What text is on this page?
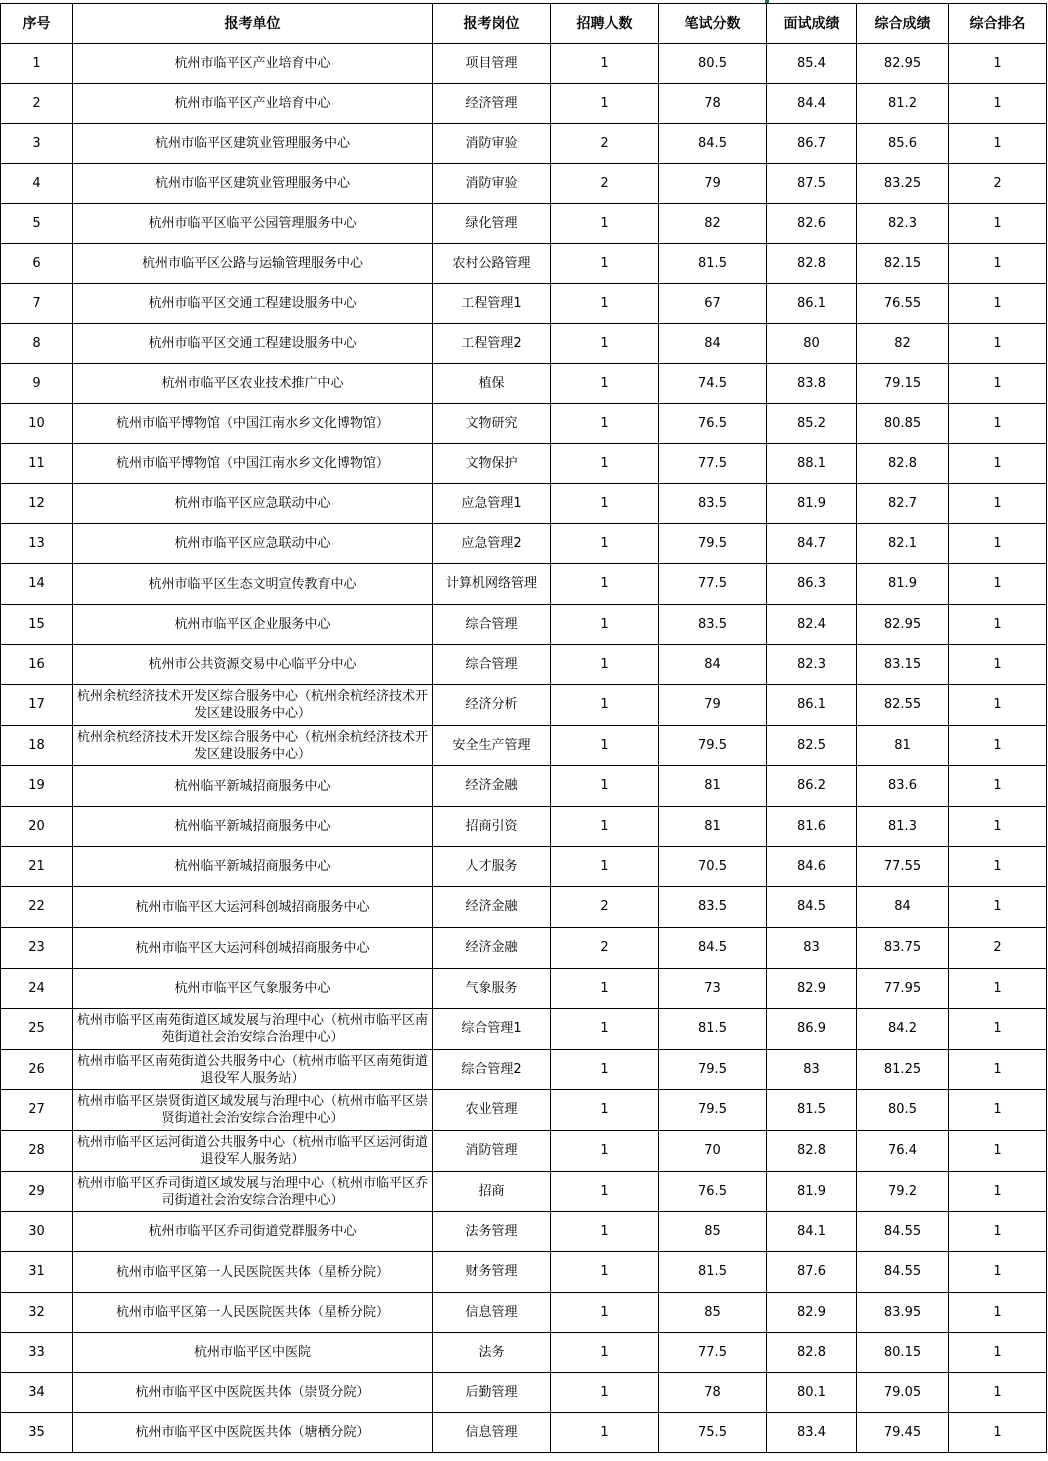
序号	报考单位	报考岗位	招聘人数	笔试分数	面试成绩	综合成绩	综合排名
1	杭州市临平区产业培育中心	项目管理	1	80.5	85.4	82.95	1
2	杭州市临平区产业培育中心	经济管理	1	78	84.4	81.2	1
3	杭州市临平区建筑业管理服务中心	消防审验	2	84.5	86.7	85.6	1
4	杭州市临平区建筑业管理服务中心	消防审验	2	79	87.5	83.25	2
5	杭州市临平区临平公园管理服务中心	绿化管理	1	82	82.6	82.3	1
6	杭州市临平区公路与运输管理服务中心	农村公路管理	1	81.5	82.8	82.15	1
7	杭州市临平区交通工程建设服务中心	工程管理1	1	67	86.1	76.55	1
8	杭州市临平区交通工程建设服务中心	工程管理2	1	84	80	82	1
9	杭州市临平区农业技术推广中心	植保	1	74.5	83.8	79.15	1
10	杭州市临平博物馆（中国江南水乡文化博物馆）	文物研究	1	76.5	85.2	80.85	1
11	杭州市临平博物馆（中国江南水乡文化博物馆）	文物保护	1	77.5	88.1	82.8	1
12	杭州市临平区应急联动中心	应急管理1	1	83.5	81.9	82.7	1
13	杭州市临平区应急联动中心	应急管理2	1	79.5	84.7	82.1	1
14	杭州市临平区生态文明宣传教育中心	计算机网络管理	1	77.5	86.3	81.9	1
15	杭州市临平区企业服务中心	综合管理	1	83.5	82.4	82.95	1
16	杭州市公共资源交易中心临平分中心	综合管理	1	84	82.3	83.15	1
17	杭州余杭经济技术开发区综合服务中心（杭州余杭经济技术开发区建设服务中心）	经济分析	1	79	86.1	82.55	1
18	杭州余杭经济技术开发区综合服务中心（杭州余杭经济技术开发区建设服务中心）	安全生产管理	1	79.5	82.5	81	1
19	杭州临平新城招商服务中心	经济金融	1	81	86.2	83.6	1
20	杭州临平新城招商服务中心	招商引资	1	81	81.6	81.3	1
21	杭州临平新城招商服务中心	人才服务	1	70.5	84.6	77.55	1
22	杭州市临平区大运河科创城招商服务中心	经济金融	2	83.5	84.5	84	1
23	杭州市临平区大运河科创城招商服务中心	经济金融	2	84.5	83	83.75	2
24	杭州市临平区气象服务中心	气象服务	1	73	82.9	77.95	1
25	杭州市临平区南苑街道区域发展与治理中心（杭州市临平区南苑街道社会治安综合治理中心）	综合管理1	1	81.5	86.9	84.2	1
26	杭州市临平区南苑街道公共服务中心（杭州市临平区南苑街道退役军人服务站）	综合管理2	1	79.5	83	81.25	1
27	杭州市临平区崇贤街道区域发展与治理中心（杭州市临平区崇贤街道社会治安综合治理中心）	农业管理	1	79.5	81.5	80.5	1
28	杭州市临平区运河街道公共服务中心（杭州市临平区运河街道退役军人服务站）	消防管理	1	70	82.8	76.4	1
29	杭州市临平区乔司街道区域发展与治理中心（杭州市临平区乔司街道社会治安综合治理中心）	招商	1	76.5	81.9	79.2	1
30	杭州市临平区乔司街道党群服务中心	法务管理	1	85	84.1	84.55	1
31	杭州市临平区第一人民医院医共体（星桥分院）	财务管理	1	81.5	87.6	84.55	1
32	杭州市临平区第一人民医院医共体（星桥分院）	信息管理	1	85	82.9	83.95	1
33	杭州市临平区中医院	法务	1	77.5	82.8	80.15	1
34	杭州市临平区中医院医共体（崇贤分院）	后勤管理	1	78	80.1	79.05	1
35	杭州市临平区中医院医共体（塘栖分院）	信息管理	1	75.5	83.4	79.45	1
